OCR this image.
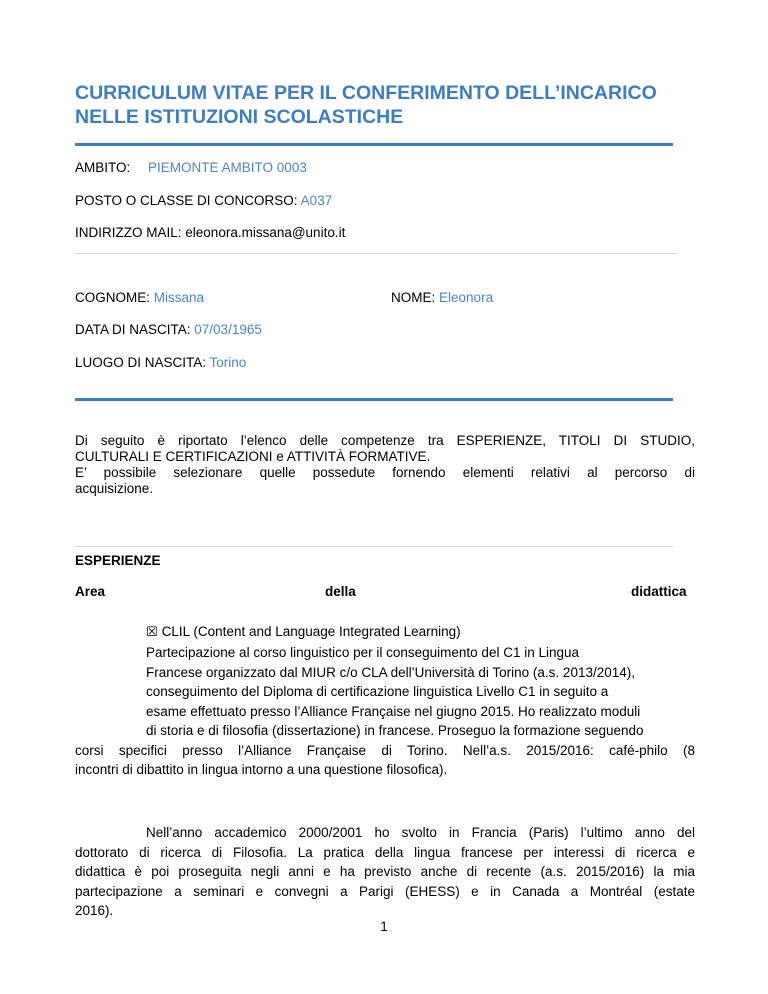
CURRICULUM VITAE PER IL CONFERIMENTO DELL’INCARICO
NELLE ISTITUZIONI SCOLASTICHE
AMBITO: PIEMONTE AMBITO 0003
POSTO O CLASSE DI CONCORSO: A037
INDIRIZZO MAIL: eleonora.missana@unito.it
COGNOME: Missana	NOME: Eleonora
DATA DI NASCITA: 07/03/1965
LUOGO DI NASCITA: Torino
Di seguito è riportato l’elenco delle competenze tra ESPERIENZE, TITOLI DI STUDIO,
CULTURALI E CERTIFICAZIONI e ATTIVITÀ FORMATIVE.
E’ possibile selezionare quelle possedute fornendo elementi relativi al percorso di
acquisizione.
ESPERIENZE
Area	della	didattica
☒ CLIL (Content and Language Integrated Learning)
Partecipazione al corso linguistico per il conseguimento del C1 in Lingua
Francese organizzato dal MIUR c/o CLA dell’Università di Torino (a.s. 2013/2014),
conseguimento del Diploma di certificazione linguistica Livello C1 in seguito a
esame effettuato presso l’Alliance Française nel giugno 2015. Ho realizzato moduli
di storia e di filosofia (dissertazione) in francese. Proseguo la formazione seguendo
corsi specifici presso l’Alliance Française di Torino. Nell’a.s. 2015/2016: café-philo (8
incontri di dibattito in lingua intorno a una questione filosofica).
Nell’anno accademico 2000/2001 ho svolto in Francia (Paris) l’ultimo anno del
dottorato di ricerca di Filosofia. La pratica della lingua francese per interessi di ricerca e
didattica è poi proseguita negli anni e ha previsto anche di recente (a.s. 2015/2016) la mia
partecipazione a seminari e convegni a Parigi (EHESS) e in Canada a Montréal (estate
2016).
1
